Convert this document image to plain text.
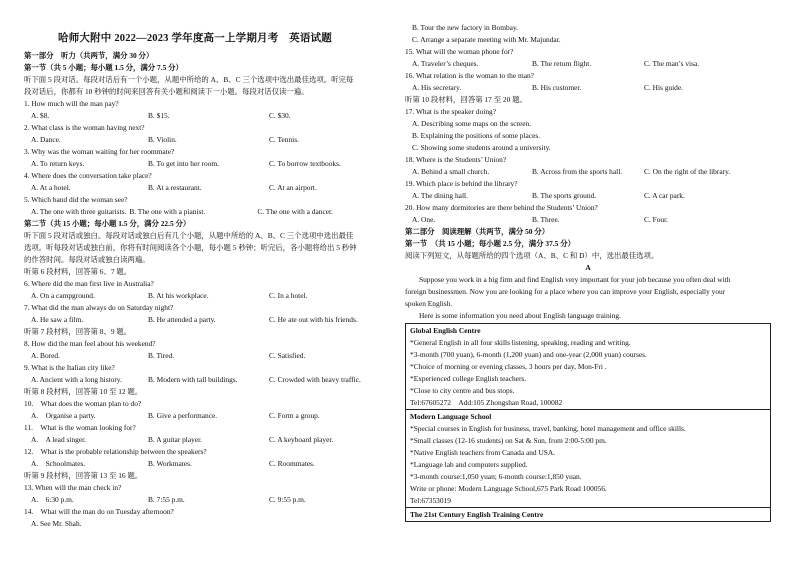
哈师大附中 2022—2023 学年度高一上学期月考　英语试题
第一部分　听力（共两节，满分 30 分）
第一节（共 5 小题；每小题 1.5 分，满分 7.5 分）
听下面 5 段对话。每段对话后有一个小题，从题中所给的 A、B、C 三个选项中选出最佳选项。听完每
段对话后，你都有 10 秒钟的时间来回答有关小题和阅读下一小题。每段对话仅读一遍。
1. How much will the man pay?
A. $8.	B. $15.	C. $30.
2. What class is the woman having next?
A. Dance.	B. Violin.	C. Tennis.
3. Why was the woman waiting for her roommate?
A. To return keys.	B. To get into her room.	C. To borrow textbooks.
4. Where does the conversation take place?
A. At a hotel.	B. At a restaurant.	C. At an airport.
5. Which band did the woman see?
A. The one with three guitarists. B. The one with a pianist.	C. The one with a dancer.
第二节（共 15 小题；每小题 1.5 分，满分 22.5 分）
听下面 5 段对话或独白。每段对话或独白后有几个小题，从题中所给的 A、B、C 三个选项中选出最佳
选项。听每段对话或独白前，你将有时间阅读各个小题，每小题 5 秒钟；听完后，各小题将给出 5 秒钟
的作答时间。每段对话或独白读两遍。
听第 6 段材料，回答第 6、7 题。
6. Where did the man first live in Australia?
A. On a campground.	B. At his workplace.	C. In a hotel.
7. What did the man always do on Saturday night?
A. He saw a film.	B. He attended a party.	C. He ate out with his friends.
听第 7 段材料，回答第 8、9 题。
8. How did the man feel about his weekend?
A. Bored.	B. Tired.	C. Satisfied.
9. What is the Italian city like?
A. Ancient with a long history.	B. Modern with tall buildings.	C. Crowded with heavy traffic.
听第 8 段材料，回答第 10 至 12 题。
10.　What does the woman plan to do?
A.　Organise a party.	B. Give a performance.	C. Form a group.
11.　What is the woman looking for?
A.　A lead singer.	B. A guitar player.	C. A keyboard player.
12.　What is the probable relationship between the speakers?
A.　Schoolmates.	B. Workmates.	C. Roommates.
听第 9 段材料，回答第 13 至 16 题。
13. When will the man check in?
A.　6:30 p.m.	B. 7:55 p.m.	C. 9:55 p.m.
14.　What will the man do on Tuesday afternoon?
A. See Mr. Shah.
B. Tour the new factory in Bombay.
C. Arrange a separate meeting with Mr. Majundar.
15. What will the woman phone for?
A. Traveler’s cheques.	B. The return flight.	C. The man’s visa.
16. What relation is the woman to the man?
A. His secretary.	B. His customer.	C. His guide.
听第 10 段材料，回答第 17 至 20 题。
17. What is the speaker doing?
A. Describing some maps on the screen.
B. Explaining the positions of some places.
C. Showing some students around a university.
18. Where is the Students’ Union?
A. Behind a small church.	B. Across from the sports hall.	C. On the right of the library.
19. Which place is behind the library?
A. The dining hall.	B. The sports ground.	C. A car park.
20. How many dormitories are there behind the Students’ Union?
A. One.	B. Three.	C. Four.
第二部分　阅读理解（共两节，满分 50 分）
第一节　（共 15 小题；每小题 2.5 分，满分 37.5 分）
阅读下列短文，从每题所给的四个选项（A、B、C 和 D）中，选出最佳选项。
A
Suppose you work in a big firm and find English very important for your job because you often deal with
foreign businessmen. Now you are looking for a place where you can improve your English, especially your
spoken English.
Here is some information you need about English language training.
Global English Centre
*General English in all four skills listening, speaking, reading and writing.
*3-month (700 yuan), 6-month (1,200 yuan) and one-year (2,000 yuan) courses.
*Choice of morning or evening classes, 3 hours per day, Mon-Fri .
*Experienced college English teachers.
*Close to city centre and bus stops.
Tel:67605272　Add:105 Zhongshan Road, 100082
Modern Language School
*Special courses in English for business, travel, banking, hotel management and office skills.
*Small classes (12-16 students) on Sat & Sun, from 2:00-5:00 pm.
*Native English teachers from Canada and USA.
*Language lab and computers supplied.
*3-month course:1,050 yuan; 6-month course:1,850 yuan.
Write or phone: Modern Language School,675 Park Road 100056.
Tel:67353019
The 21st Century English Training Centre
